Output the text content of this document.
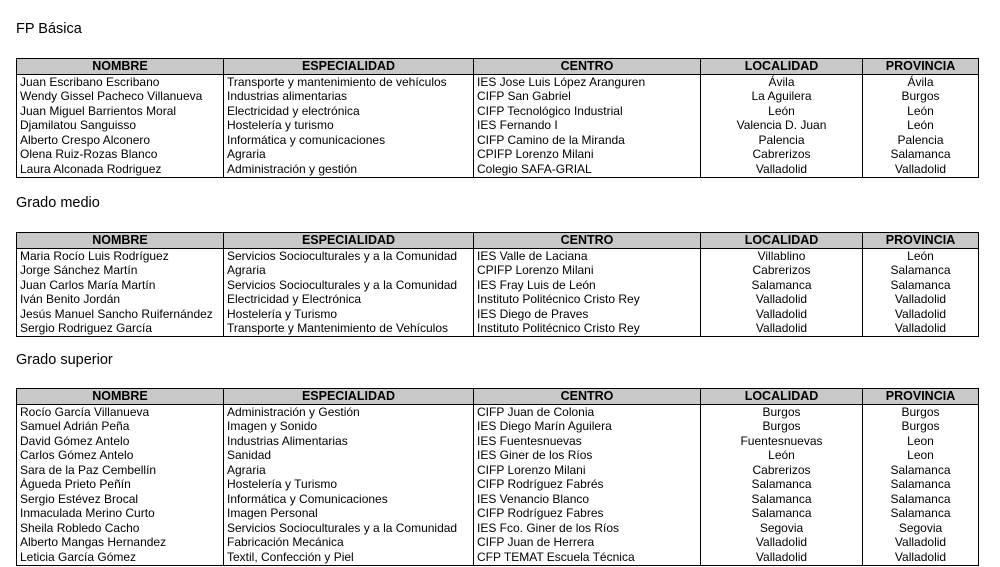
FP Básica
NOMBRE	ESPECIALIDAD	CENTRO	LOCALIDAD	PROVINCIA
Juan Escribano Escribano	Transporte y mantenimiento de vehículos	IES Jose Luis López Aranguren	Ávila	Ávila
Wendy Gissel Pacheco Villanueva	Industrias alimentarias	CIFP San Gabriel	La Aguilera	Burgos
Juan Miguel Barrientos Moral	Electricidad y electrónica	CIFP Tecnológico Industrial	León	León
Djamilatou Sanguisso	Hostelería y turismo	IES Fernando I	Valencia D. Juan	León
Alberto Crespo Alconero	Informática y comunicaciones	CIFP Camino de la Miranda	Palencia	Palencia
Olena Ruiz-Rozas Blanco	Agraria	CPIFP Lorenzo Milani	Cabrerizos	Salamanca
Laura Alconada Rodriguez	Administración y gestión	Colegio SAFA-GRIAL	Valladolid	Valladolid
Grado medio
NOMBRE	ESPECIALIDAD	CENTRO	LOCALIDAD	PROVINCIA
Maria Rocío Luis Rodríguez	Servicios Socioculturales y a la Comunidad	IES Valle de Laciana	Villablino	León
Jorge Sánchez Martín	Agraria	CPIFP Lorenzo Milani	Cabrerizos	Salamanca
Juan Carlos María Martín	Servicios Socioculturales y a la Comunidad	IES Fray Luis de León	Salamanca	Salamanca
Iván Benito Jordán	Electricidad y Electrónica	Instituto Politécnico Cristo Rey	Valladolid	Valladolid
Jesús Manuel Sancho Ruifernández	Hostelería y Turismo	IES Diego de Praves	Valladolid	Valladolid
Sergio Rodriguez García	Transporte y Mantenimiento de Vehículos	Instituto Politécnico Cristo Rey	Valladolid	Valladolid
Grado superior
NOMBRE	ESPECIALIDAD	CENTRO	LOCALIDAD	PROVINCIA
Rocío García Villanueva	Administración y Gestión	CIFP Juan de Colonia	Burgos	Burgos
Samuel Adrián Peña	Imagen y Sonido	IES Diego Marín Aguilera	Burgos	Burgos
David Gómez Antelo	Industrias Alimentarias	IES Fuentesnuevas	Fuentesnuevas	Leon
Carlos Gómez Antelo	Sanidad	IES Giner de los Ríos	León	Leon
Sara de la Paz Cembellín	Agraria	CIFP Lorenzo Milani	Cabrerizos	Salamanca
Águeda Prieto Peñín	Hostelería y Turismo	CIFP Rodríguez Fabrés	Salamanca	Salamanca
Sergio Estévez Brocal	Informática y Comunicaciones	IES Venancio Blanco	Salamanca	Salamanca
Inmaculada Merino Curto	Imagen Personal	CIFP Rodríguez Fabres	Salamanca	Salamanca
Sheila Robledo Cacho	Servicios Socioculturales y a la Comunidad	IES Fco. Giner de los Ríos	Segovia	Segovia
Alberto Mangas Hernandez	Fabricación Mecánica	CIFP Juan de Herrera	Valladolid	Valladolid
Leticia García Gómez	Textil, Confección y Piel	CFP TEMAT Escuela Técnica	Valladolid	Valladolid
